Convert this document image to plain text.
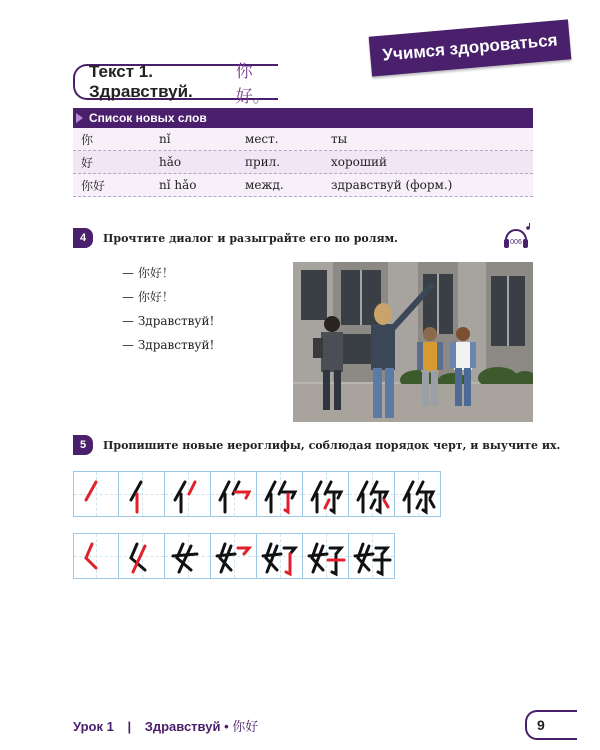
Учимся здороваться
Текст 1. Здравствуй.
你好。
Список новых слов
你	nǐ	мест.	ты
好	hǎo	прил.	хороший
你好	nǐ hǎo	межд.	здравствуй (форм.)
4	Прочтите диалог и разыграйте его по ролям.	006
— 你好！
— 你好！
— Здравствуй!
— Здравствуй!
5	Пропишите новые иероглифы, соблюдая порядок черт, и выучите их.
Урок 1 | Здравствуй • 你好	9
